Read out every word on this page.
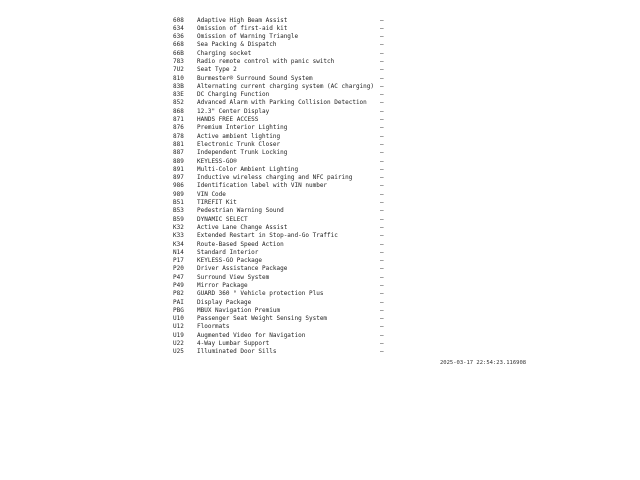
608 Adaptive High Beam Assist	—
634 Omission of first-aid kit	—
636 Omission of Warning Triangle	—
668 Sea Packing & Dispatch	—
66B Charging socket	—
783 Radio remote control with panic switch	—
7U2 Seat Type 2	—
810 Burmester® Surround Sound System	—
83B Alternating current charging system (AC charging) —
83E DC Charging Function	—
852 Advanced Alarm with Parking Collision Detection —
868 12.3" Center Display	—
871 HANDS FREE ACCESS	—
876 Premium Interior Lighting	—
878 Active ambient lighting	—
881 Electronic Trunk Closer	—
887 Independent Trunk Locking	—
889 KEYLESS-GO®	—
891 Multi-Color Ambient Lighting	—
897 Inductive wireless charging and NFC pairing	—
986 Identification label with VIN number	—
989 VIN Code	—
B51 TIREFIT Kit	—
B53 Pedestrian Warning Sound	—
B59 DYNAMIC SELECT	—
K32 Active Lane Change Assist	—
K33 Extended Restart in Stop-and-Go Traffic	—
K34 Route-Based Speed Action	—
N14 Standard Interior	—
P17 KEYLESS-GO Package	—
P20 Driver Assistance Package	—
P47 Surround View System	—
P49 Mirror Package	—
P82 GUARD 360 ° Vehicle protection Plus	—
PAI Display Package	—
PBG MBUX Navigation Premium	—
U10 Passenger Seat Weight Sensing System	—
U12 Floormats	—
U19 Augmented Video for Navigation	—
U22 4-Way Lumbar Support	—
U25 Illuminated Door Sills	—
2025-03-17 22:54:23.116908
